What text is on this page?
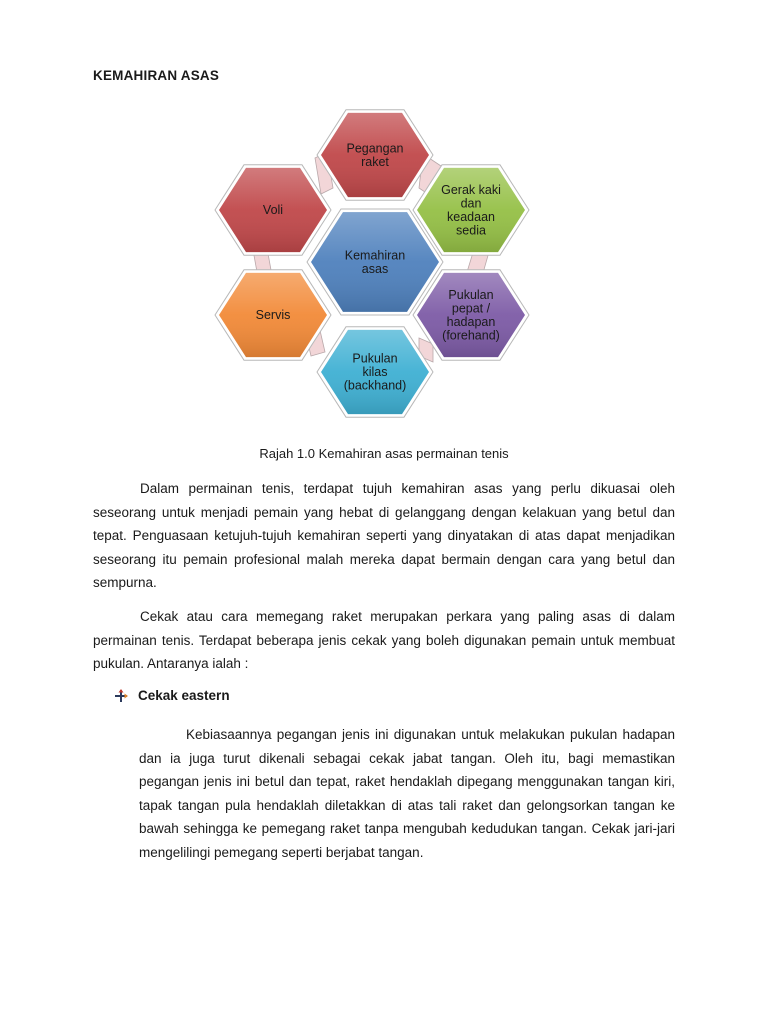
KEMAHIRAN ASAS
Pegangan
raket
Gerak kaki
dan
keadaan
sedia
Pukulan
pepat /
hadapan
(forehand)
Pukulan
kilas
(backhand)
Servis
Voli
Kemahiran
asas
Rajah 1.0 Kemahiran asas permainan tenis

Dalam permainan tenis, terdapat tujuh kemahiran asas yang perlu dikuasai oleh seseorang untuk menjadi pemain yang hebat di gelanggang dengan kelakuan yang betul dan tepat. Penguasaan ketujuh-tujuh kemahiran seperti yang dinyatakan di atas dapat menjadikan seseorang itu pemain profesional malah mereka dapat bermain dengan cara yang betul dan sempurna.

Cekak atau cara memegang raket merupakan perkara yang paling asas di dalam permainan tenis. Terdapat beberapa jenis cekak yang boleh digunakan pemain untuk membuat pukulan. Antaranya ialah :

Cekak eastern

Kebiasaannya pegangan jenis ini digunakan untuk melakukan pukulan hadapan dan ia juga turut dikenali sebagai cekak jabat tangan. Oleh itu, bagi memastikan pegangan jenis ini betul dan tepat, raket hendaklah dipegang menggunakan tangan kiri, tapak tangan pula hendaklah diletakkan di atas tali raket dan gelongsorkan tangan ke bawah sehingga ke pemegang raket tanpa mengubah kedudukan tangan. Cekak jari-jari mengelilingi pemegang seperti berjabat tangan.
